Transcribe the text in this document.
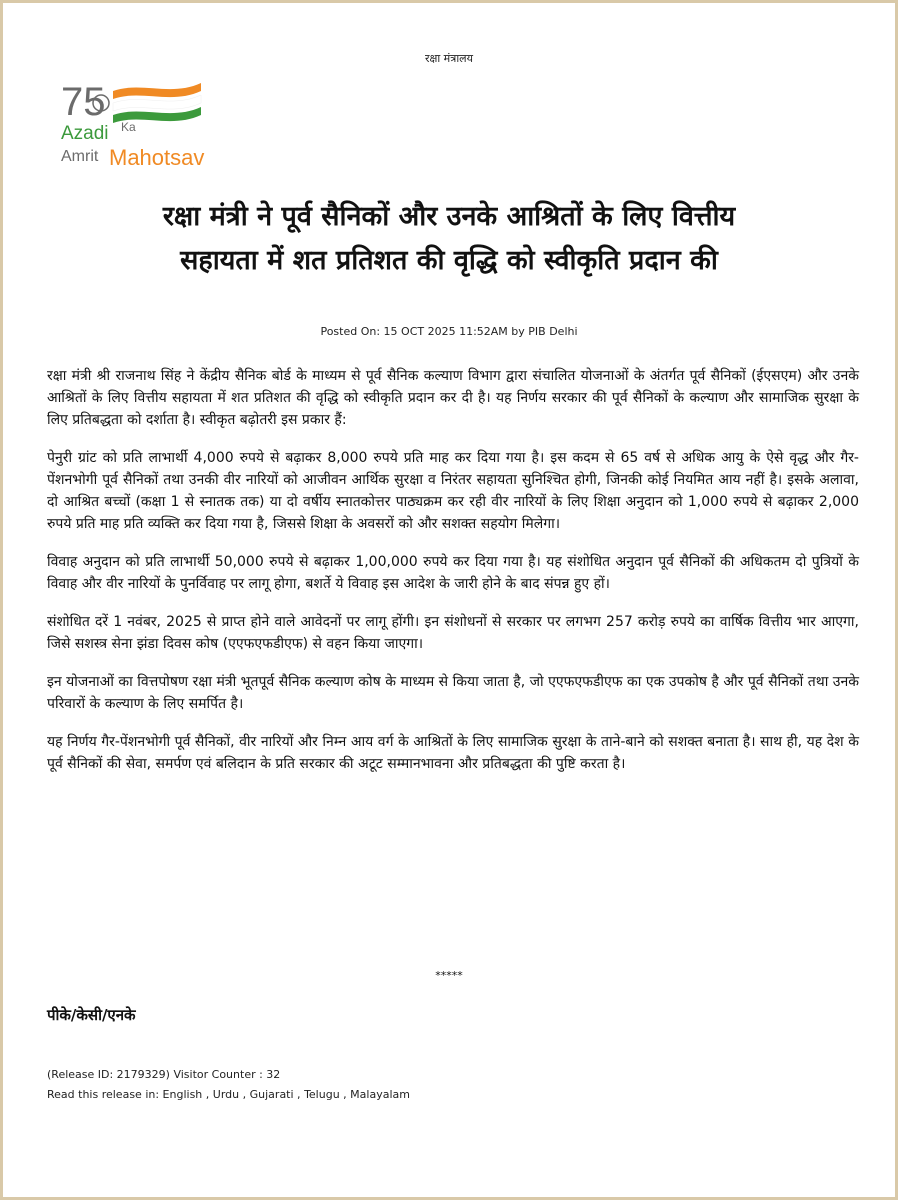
रक्षा मंत्रालय
75
Azadi Ka
Amrit Mahotsav
रक्षा मंत्री ने पूर्व सैनिकों और उनके आश्रितों के लिए वित्तीय
सहायता में शत प्रतिशत की वृद्धि को स्वीकृति प्रदान की
Posted On: 15 OCT 2025 11:52AM by PIB Delhi

रक्षा मंत्री श्री राजनाथ सिंह ने केंद्रीय सैनिक बोर्ड के माध्यम से पूर्व सैनिक कल्याण विभाग द्वारा संचालित योजनाओं के अंतर्गत पूर्व सैनिकों (ईएसएम) और उनके आश्रितों के लिए वित्तीय सहायता में शत प्रतिशत की वृद्धि को स्वीकृति प्रदान कर दी है। यह निर्णय सरकार की पूर्व सैनिकों के कल्याण और सामाजिक सुरक्षा के लिए प्रतिबद्धता को दर्शाता है। स्वीकृत बढ़ोतरी इस प्रकार हैं:

पेनुरी ग्रांट को प्रति लाभार्थी 4,000 रुपये से बढ़ाकर 8,000 रुपये प्रति माह कर दिया गया है। इस कदम से 65 वर्ष से अधिक आयु के ऐसे वृद्ध और गैर-पेंशनभोगी पूर्व सैनिकों तथा उनकी वीर नारियों को आजीवन आर्थिक सुरक्षा व निरंतर सहायता सुनिश्चित होगी, जिनकी कोई नियमित आय नहीं है। इसके अलावा, दो आश्रित बच्चों (कक्षा 1 से स्नातक तक) या दो वर्षीय स्नातकोत्तर पाठ्यक्रम कर रही वीर नारियों के लिए शिक्षा अनुदान को 1,000 रुपये से बढ़ाकर 2,000 रुपये प्रति माह प्रति व्यक्ति कर दिया गया है, जिससे शिक्षा के अवसरों को और सशक्त सहयोग मिलेगा।

विवाह अनुदान को प्रति लाभार्थी 50,000 रुपये से बढ़ाकर 1,00,000 रुपये कर दिया गया है। यह संशोधित अनुदान पूर्व सैनिकों की अधिकतम दो पुत्रियों के विवाह और वीर नारियों के पुनर्विवाह पर लागू होगा, बशर्ते ये विवाह इस आदेश के जारी होने के बाद संपन्न हुए हों।

संशोधित दरें 1 नवंबर, 2025 से प्राप्त होने वाले आवेदनों पर लागू होंगी। इन संशोधनों से सरकार पर लगभग 257 करोड़ रुपये का वार्षिक वित्तीय भार आएगा, जिसे सशस्त्र सेना झंडा दिवस कोष (एएफएफडीएफ) से वहन किया जाएगा।

इन योजनाओं का वित्तपोषण रक्षा मंत्री भूतपूर्व सैनिक कल्याण कोष के माध्यम से किया जाता है, जो एएफएफडीएफ का एक उपकोष है और पूर्व सैनिकों तथा उनके परिवारों के कल्याण के लिए समर्पित है।

यह निर्णय गैर-पेंशनभोगी पूर्व सैनिकों, वीर नारियों और निम्न आय वर्ग के आश्रितों के लिए सामाजिक सुरक्षा के ताने-बाने को सशक्त बनाता है। साथ ही, यह देश के पूर्व सैनिकों की सेवा, समर्पण एवं बलिदान के प्रति सरकार की अटूट सम्मानभावना और प्रतिबद्धता की पुष्टि करता है।

*****
पीके/केसी/एनके
(Release ID: 2179329) Visitor Counter : 32
Read this release in: English , Urdu , Gujarati , Telugu , Malayalam
